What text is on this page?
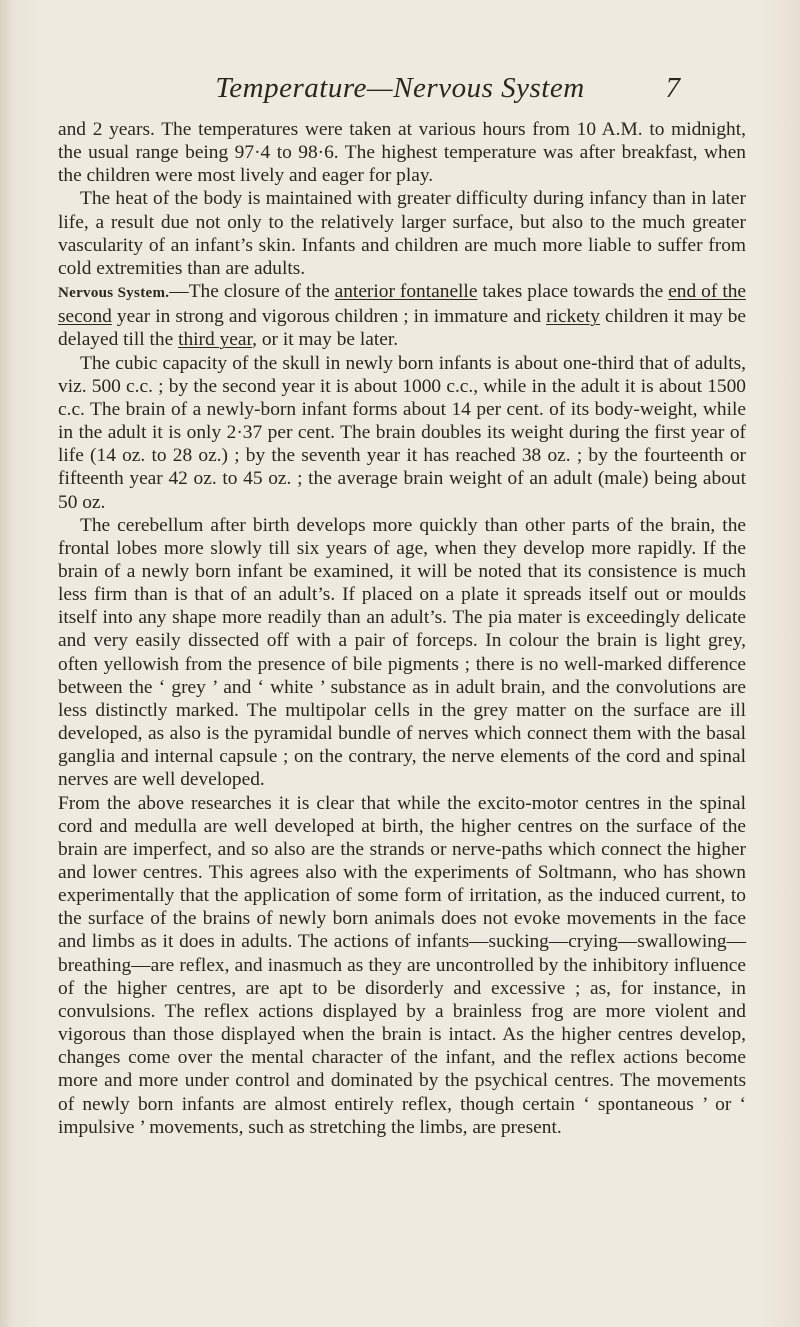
Temperature—Nervous System	7

and 2 years. The temperatures were taken at various hours from 10 A.M. to midnight, the usual range being 97·4 to 98·6. The highest temperature was after breakfast, when the children were most lively and eager for play.

The heat of the body is maintained with greater difficulty during infancy than in later life, a result due not only to the relatively larger surface, but also to the much greater vascularity of an infant’s skin. Infants and children are much more liable to suffer from cold extremities than are adults.

Nervous System.—The closure of the anterior fontanelle takes place towards the end of the second year in strong and vigorous children ; in immature and rickety children it may be delayed till the third year, or it may be later.

The cubic capacity of the skull in newly born infants is about one-third that of adults, viz. 500 c.c. ; by the second year it is about 1000 c.c., while in the adult it is about 1500 c.c. The brain of a newly-born infant forms about 14 per cent. of its body-weight, while in the adult it is only 2·37 per cent. The brain doubles its weight during the first year of life (14 oz. to 28 oz.) ; by the seventh year it has reached 38 oz. ; by the fourteenth or fifteenth year 42 oz. to 45 oz. ; the average brain weight of an adult (male) being about 50 oz.

The cerebellum after birth develops more quickly than other parts of the brain, the frontal lobes more slowly till six years of age, when they develop more rapidly. If the brain of a newly born infant be examined, it will be noted that its consistence is much less firm than is that of an adult’s. If placed on a plate it spreads itself out or moulds itself into any shape more readily than an adult’s. The pia mater is exceedingly delicate and very easily dissected off with a pair of forceps. In colour the brain is light grey, often yellowish from the presence of bile pigments ; there is no well-marked difference between the ‘ grey ’ and ‘ white ’ substance as in adult brain, and the convolutions are less distinctly marked. The multipolar cells in the grey matter on the surface are ill developed, as also is the pyramidal bundle of nerves which connect them with the basal ganglia and internal capsule ; on the contrary, the nerve elements of the cord and spinal nerves are well developed.

From the above researches it is clear that while the excito-motor centres in the spinal cord and medulla are well developed at birth, the higher centres on the surface of the brain are imperfect, and so also are the strands or nerve-paths which connect the higher and lower centres. This agrees also with the experiments of Soltmann, who has shown experimentally that the application of some form of irritation, as the induced current, to the surface of the brains of newly born animals does not evoke movements in the face and limbs as it does in adults. The actions of infants—sucking—crying—swallowing—breathing—are reflex, and inasmuch as they are uncontrolled by the inhibitory influence of the higher centres, are apt to be disorderly and excessive ; as, for instance, in convulsions. The reflex actions displayed by a brainless frog are more violent and vigorous than those displayed when the brain is intact. As the higher centres develop, changes come over the mental character of the infant, and the reflex actions become more and more under control and dominated by the psychical centres. The movements of newly born infants are almost entirely reflex, though certain ‘ spontaneous ’ or ‘ impulsive ’ movements, such as stretching the limbs, are present.
